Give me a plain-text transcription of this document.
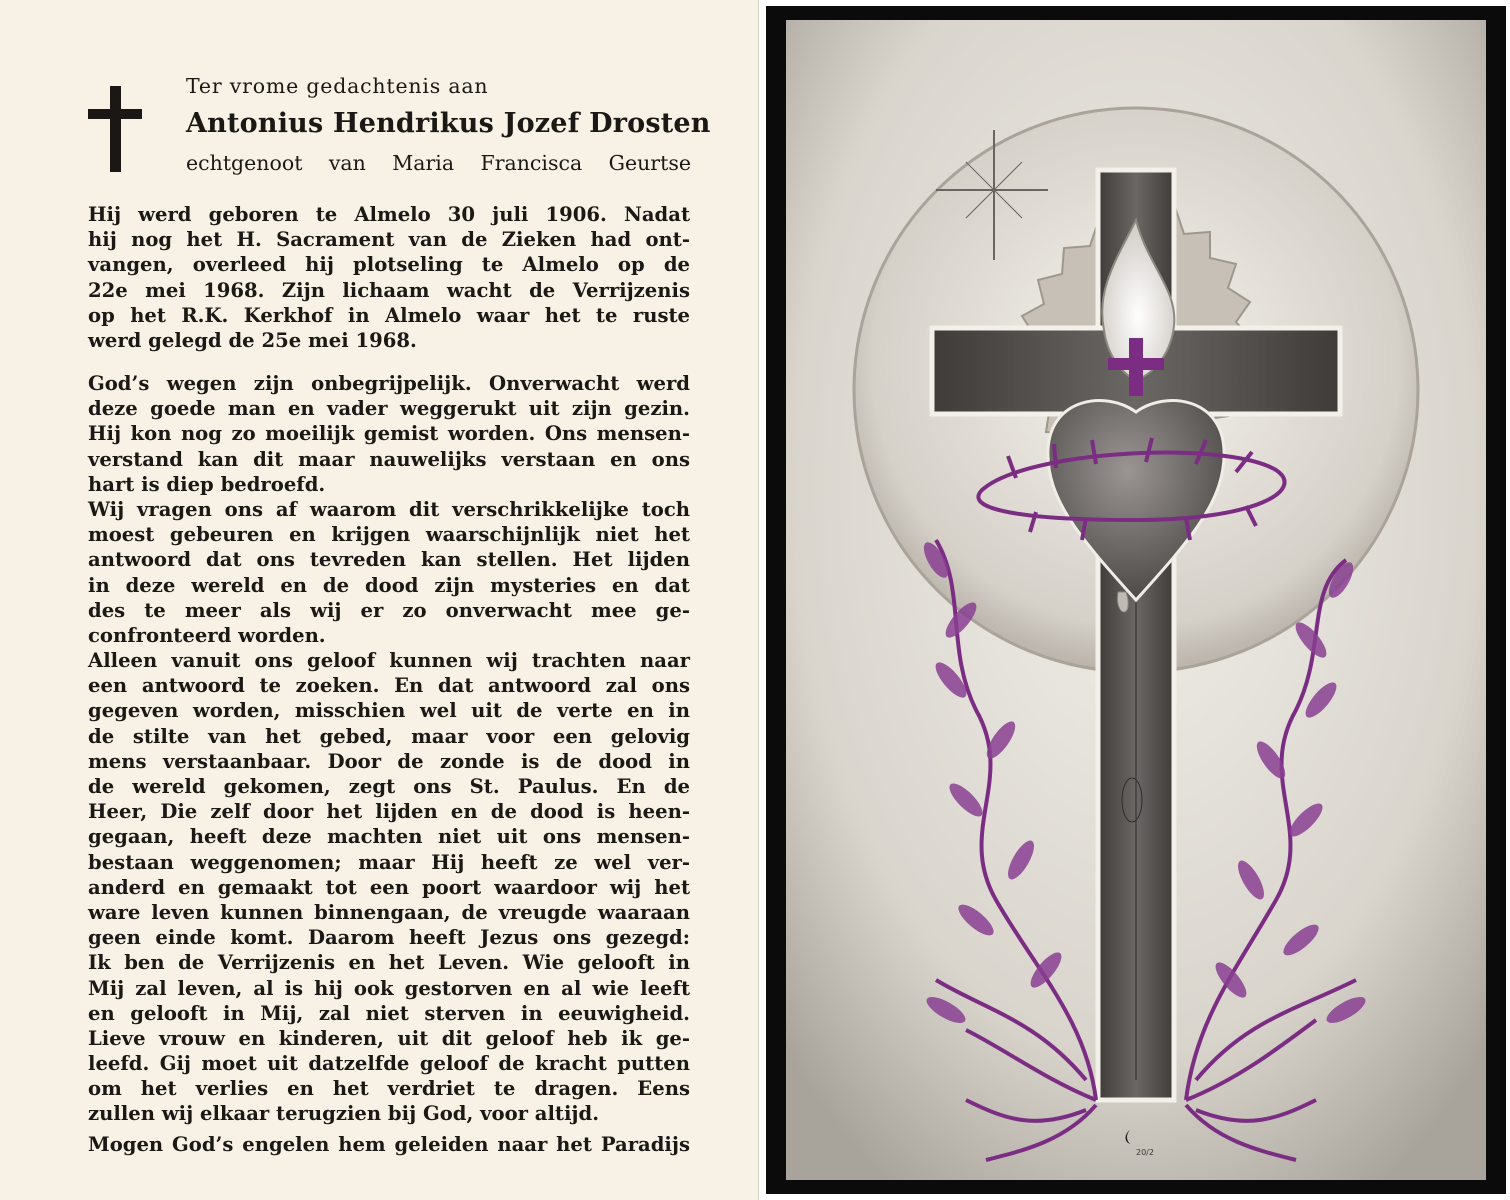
Ter vrome gedachtenis aan
Antonius Hendrikus Jozef Drosten
echtgenoot van Maria Francisca Geurtse
Hij werd geboren te Almelo 30 juli 1906. Nadat
hij nog het H. Sacrament van de Zieken had ont-
vangen, overleed hij plotseling te Almelo op de
22e mei 1968. Zijn lichaam wacht de Verrijzenis
op het R.K. Kerkhof in Almelo waar het te ruste
werd gelegd de 25e mei 1968.
God’s wegen zijn onbegrijpelijk. Onverwacht werd
deze goede man en vader weggerukt uit zijn gezin.
Hij kon nog zo moeilijk gemist worden. Ons mensen-
verstand kan dit maar nauwelijks verstaan en ons
hart is diep bedroefd.
Wij vragen ons af waarom dit verschrikkelijke toch
moest gebeuren en krijgen waarschijnlijk niet het
antwoord dat ons tevreden kan stellen. Het lijden
in deze wereld en de dood zijn mysteries en dat
des te meer als wij er zo onverwacht mee ge-
confronteerd worden.
Alleen vanuit ons geloof kunnen wij trachten naar
een antwoord te zoeken. En dat antwoord zal ons
gegeven worden, misschien wel uit de verte en in
de stilte van het gebed, maar voor een gelovig
mens verstaanbaar. Door de zonde is de dood in
de wereld gekomen, zegt ons St. Paulus. En de
Heer, Die zelf door het lijden en de dood is heen-
gegaan, heeft deze machten niet uit ons mensen-
bestaan weggenomen; maar Hij heeft ze wel ver-
anderd en gemaakt tot een poort waardoor wij het
ware leven kunnen binnengaan, de vreugde waaraan
geen einde komt. Daarom heeft Jezus ons gezegd:
Ik ben de Verrijzenis en het Leven. Wie gelooft in
Mij zal leven, al is hij ook gestorven en al wie leeft
en gelooft in Mij, zal niet sterven in eeuwigheid.
Lieve vrouw en kinderen, uit dit geloof heb ik ge-
leefd. Gij moet uit datzelfde geloof de kracht putten
om het verlies en het verdriet te dragen. Eens
zullen wij elkaar terugzien bij God, voor altijd.
Mogen God’s engelen hem geleiden naar het Paradijs	20/2
